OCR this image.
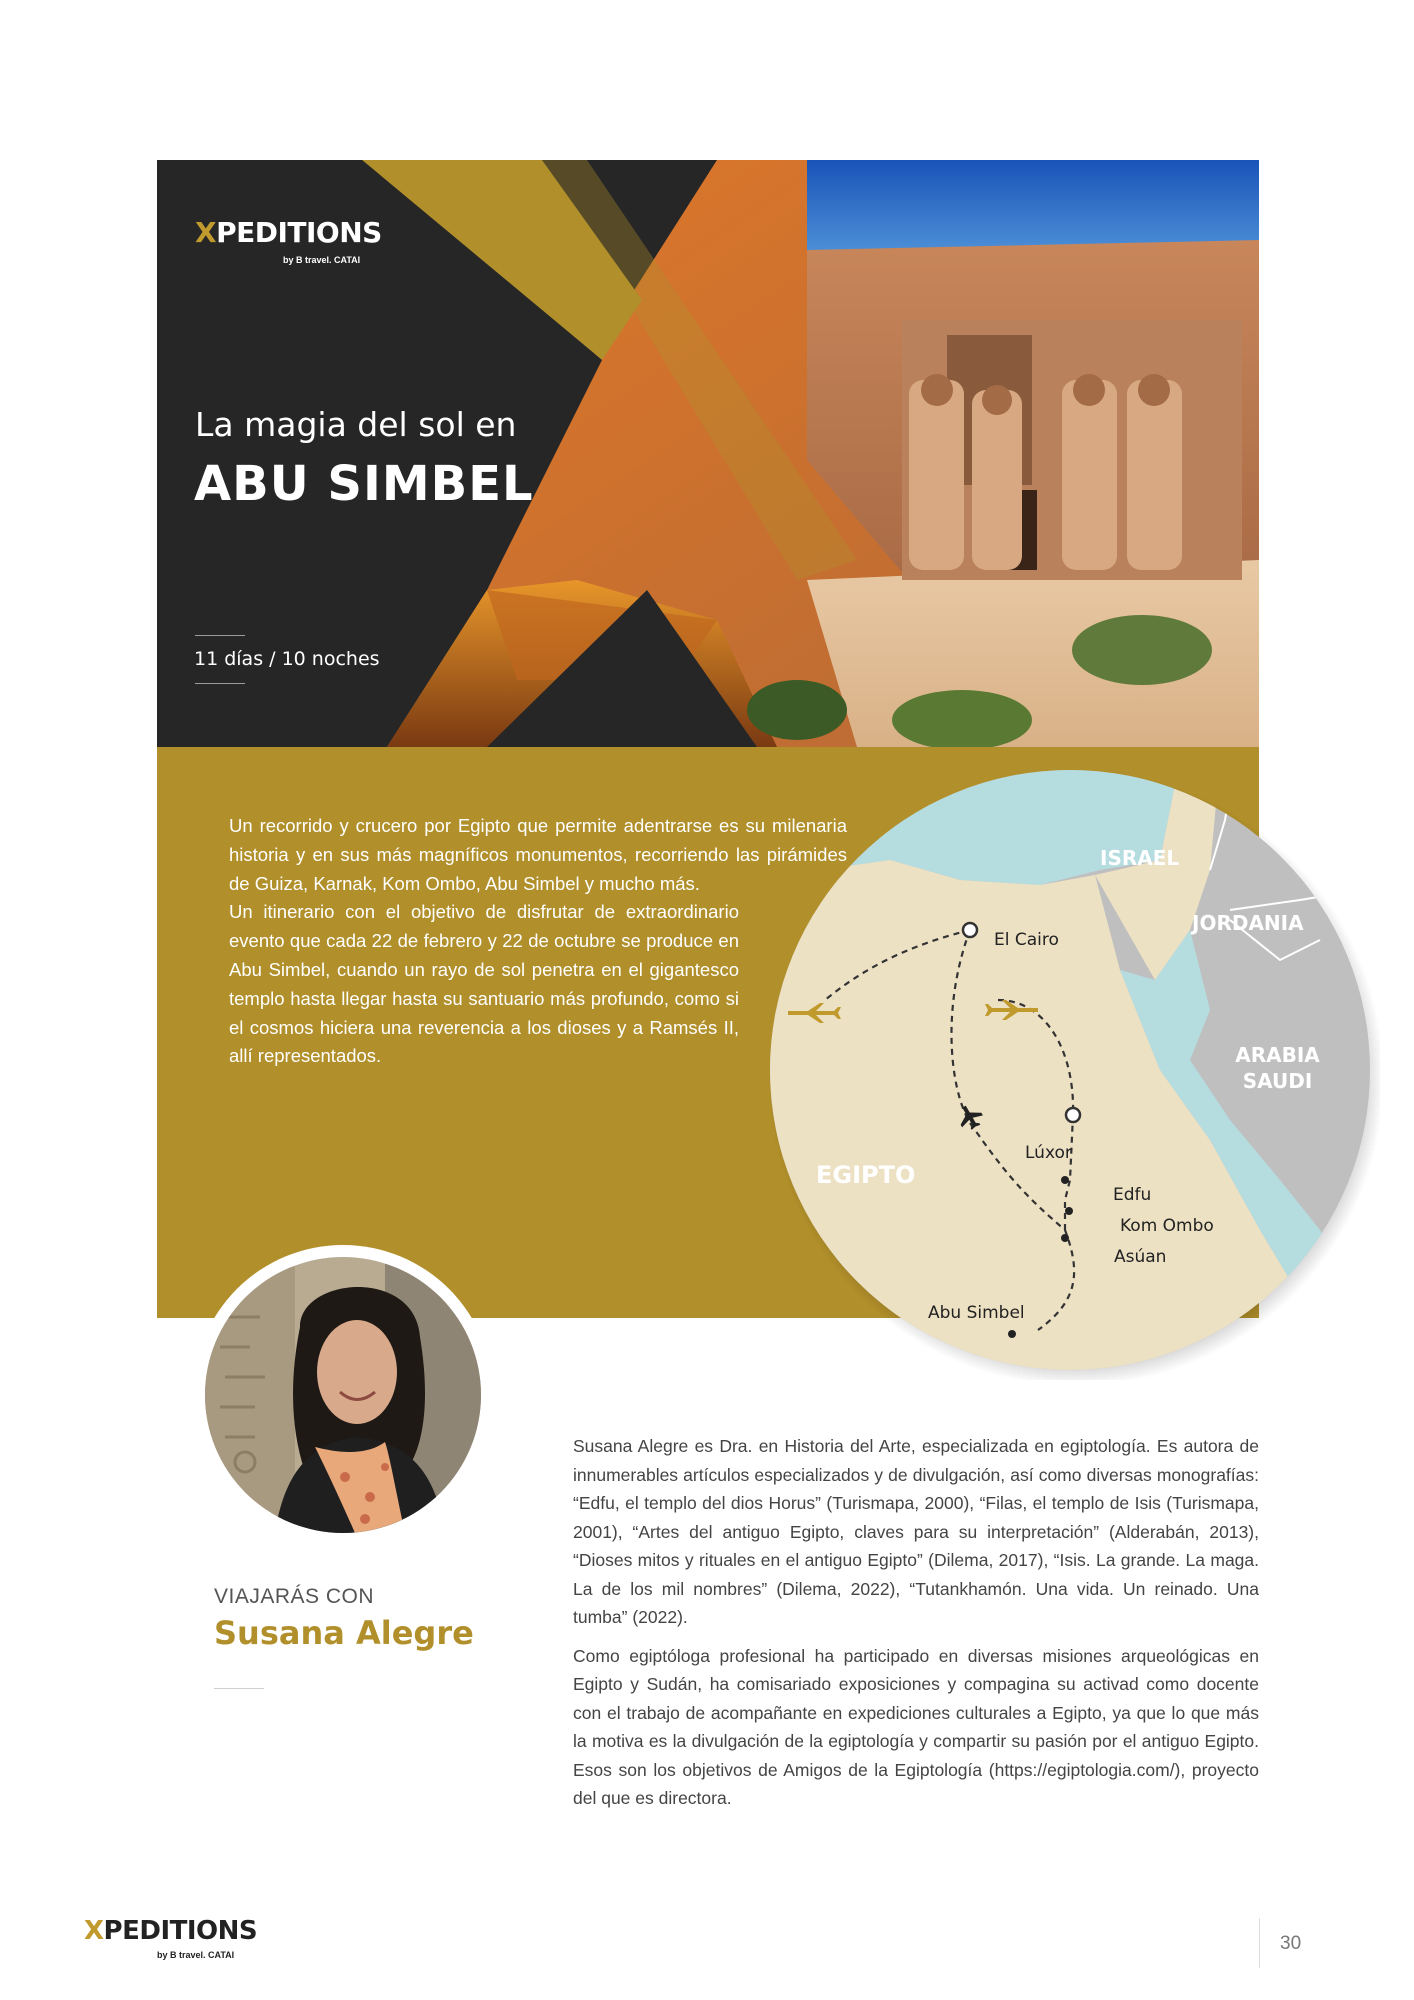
XPEDITIONS
by B travel. CATAI
La magia del sol en
ABU SIMBEL
11 días / 10 noches

Un recorrido y crucero por Egipto que permite adentrarse es su milenaria historia y en sus más magníficos monumentos, recorriendo las pirámides de Guiza, Karnak, Kom Ombo, Abu Simbel y mucho más.

Un itinerario con el objetivo de disfrutar de extraordinario evento que cada 22 de febrero y 22 de octubre se produce en Abu Simbel, cuando un rayo de sol penetra en el gigantesco templo hasta llegar hasta su santuario más profundo, como si el cosmos hiciera una reverencia a los dioses y a Ramsés II, allí representados.

ISRAEL
JORDANIA
ARABIA SAUDI
EGIPTO
El Cairo
Lúxor
Edfu
Kom Ombo
Asúan
Abu Simbel
VIAJARÁS CON
Susana Alegre

Susana Alegre es Dra. en Historia del Arte, especializada en egiptología. Es autora de innumerables artículos especializados y de divulgación, así como diversas monografías: “Edfu, el templo del dios Horus” (Turismapa, 2000), “Filas, el templo de Isis (Turismapa, 2001), “Artes del antiguo Egipto, claves para su interpretación” (Alderabán, 2013), “Dioses mitos y rituales en el antiguo Egipto” (Dilema, 2017), “Isis. La grande. La maga. La de los mil nombres” (Dilema, 2022), “Tutankhamón. Una vida. Un reinado. Una tumba” (2022).

Como egiptóloga profesional ha participado en diversas misiones arqueológicas en Egipto y Sudán, ha comisariado exposiciones y compagina su activad como docente con el trabajo de acompañante en expediciones culturales a Egipto, ya que lo que más la motiva es la divulgación de la egiptología y compartir su pasión por el antiguo Egipto. Esos son los objetivos de Amigos de la Egiptología (https://egiptologia.com/), proyecto del que es directora.

XPEDITIONS
by B travel. CATAI
30
